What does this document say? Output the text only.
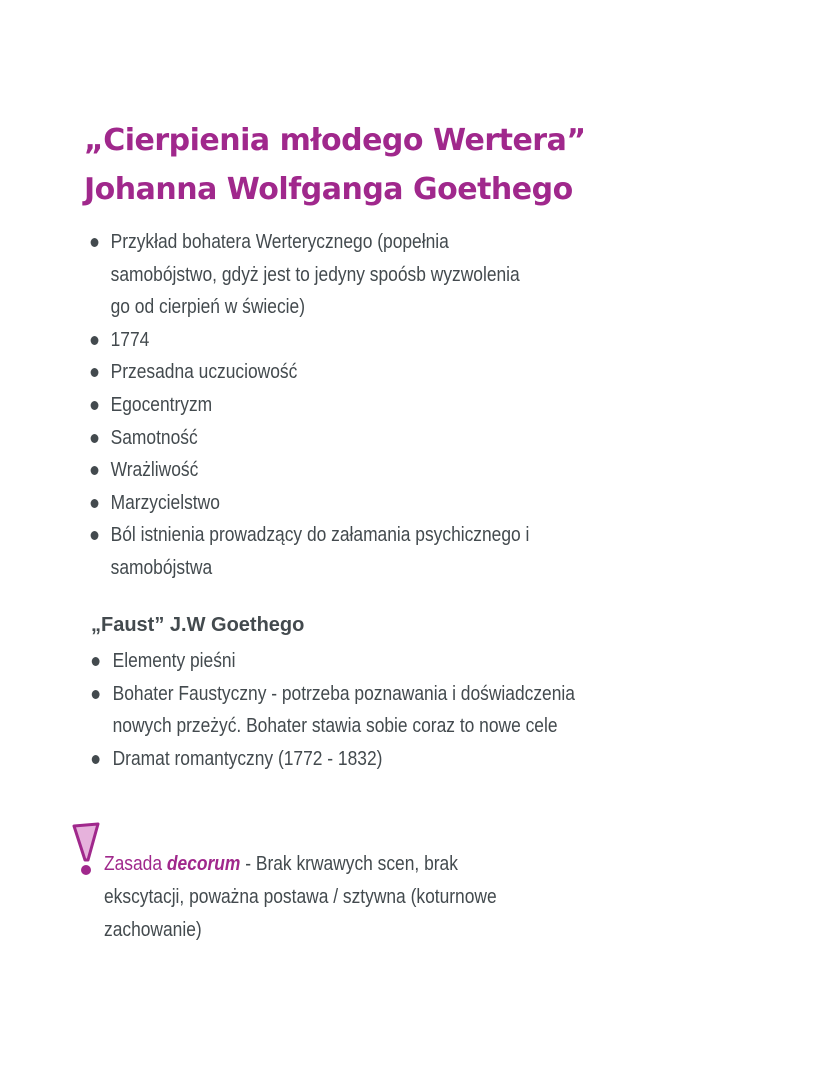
„Cierpienia młodego Wertera” Johanna Wolfganga Goethego
Przykład bohatera Werterycznego (popełnia samobójstwo, gdyż jest to jedyny spoósb wyzwolenia go od cierpień w świecie)
1774
Przesadna uczuciowość
Egocentryzm
Samotność
Wrażliwość
Marzycielstwo
Ból istnienia prowadzący do załamania psychicznego i samobójstwa
„Faust” J.W Goethego
Elementy pieśni
Bohater Faustyczny - potrzeba poznawania i doświadczenia nowych przeżyć. Bohater stawia sobie coraz to nowe cele
Dramat romantyczny (1772 - 1832)
Zasada decorum - Brak krwawych scen, brak ekscytacji, poważna postawa / sztywna (koturnowe zachowanie)
